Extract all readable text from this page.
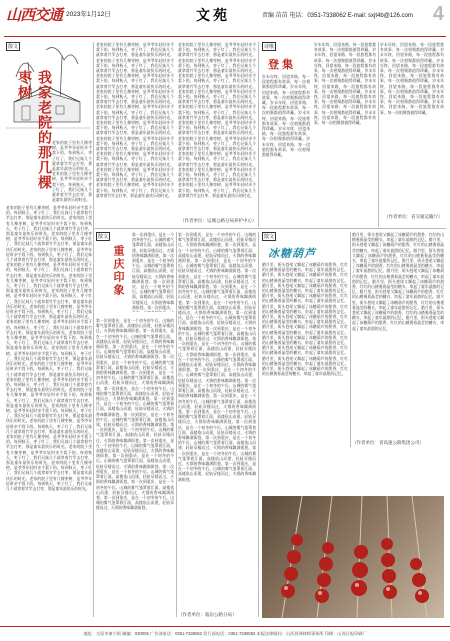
山西交通 2023年1月12日	文苑	责编 苗苗 电话：0351-7338062 E-mail: sxjt4b@126.com 4
散文
我家老院的那几棵枣树
老家的院子里有几棵枣树，是爷爷年轻时亲手栽下的。每到秋天，枣子红了，我们兄妹几个就拿着竹竿去打枣，那是童年最快乐的时光。老家的院子里有几棵枣树，是爷爷年轻时亲手栽下的。每到秋天，枣子红了，我们兄妹几个就拿着竹竿去打枣，那是童年最快乐的时光。
老家的院子里有几棵枣树，是爷爷年轻时亲手栽下的。每到秋天，枣子红了，我们兄妹几个就拿着竹竿去打枣，那是童年最快乐的时光。老家的院子里有几棵枣树，是爷爷年轻时亲手栽下的。每到秋天，枣子红了，我们兄妹几个就拿着竹竿去打枣，那是童年最快乐的时光。老家的院子里有几棵枣树，是爷爷年轻时亲手栽下的。每到秋天，枣子红了，我们兄妹几个就拿着竹竿去打枣，那是童年最快乐的时光。老家的院子里有几棵枣树，是爷爷年轻时亲手栽下的。每到秋天，枣子红了，我们兄妹几个就拿着竹竿去打枣，那是童年最快乐的时光。老家的院子里有几棵枣树，是爷爷年轻时亲手栽下的。每到秋天，枣子红了，我们兄妹几个就拿着竹竿去打枣，那是童年最快乐的时光。老家的院子里有几棵枣树，是爷爷年轻时亲手栽下的。每到秋天，枣子红了，我们兄妹几个就拿着竹竿去打枣，那是童年最快乐的时光。老家的院子里有几棵枣树，是爷爷年轻时亲手栽下的。每到秋天，枣子红了，我们兄妹几个就拿着竹竿去打枣，那是童年最快乐的时光。老家的院子里有几棵枣树，是爷爷年轻时亲手栽下的。每到秋天，枣子红了，我们兄妹几个就拿着竹竿去打枣，那是童年最快乐的时光。老家的院子里有几棵枣树，是爷爷年轻时亲手栽下的。每到秋天，枣子红了，我们兄妹几个就拿着竹竿去打枣，那是童年最快乐的时光。老家的院子里有几棵枣树，是爷爷年轻时亲手栽下的。每到秋天，枣子红了，我们兄妹几个就拿着竹竿去打枣，那是童年最快乐的时光。老家的院子里有几棵枣树，是爷爷年轻时亲手栽下的。每到秋天，枣子红了，我们兄妹几个就拿着竹竿去打枣，那是童年最快乐的时光。老家的院子里有几棵枣树，是爷爷年轻时亲手栽下的。每到秋天，枣子红了，我们兄妹几个就拿着竹竿去打枣，那是童年最快乐的时光。老家的院子里有几棵枣树，是爷爷年轻时亲手栽下的。每到秋天，枣子红了，我们兄妹几个就拿着竹竿去打枣，那是童年最快乐的时光。老家的院子里有几棵枣树，是爷爷年轻时亲手栽下的。每到秋天，枣子红了，我们兄妹几个就拿着竹竿去打枣，那是童年最快乐的时光。老家的院子里有几棵枣树，是爷爷年轻时亲手栽下的。每到秋天，枣子红了，我们兄妹几个就拿着竹竿去打枣，那是童年最快乐的时光。老家的院子里有几棵枣树，是爷爷年轻时亲手栽下的。每到秋天，枣子红了，我们兄妹几个就拿着竹竿去打枣，那是童年最快乐的时光。老家的院子里有几棵枣树，是爷爷年轻时亲手栽下的。每到秋天，枣子红了，我们兄妹几个就拿着竹竿去打枣，那是童年最快乐的时光。老家的院子里有几棵枣树，是爷爷年轻时亲手栽下的。每到秋天，枣子红了，我们兄妹几个就拿着竹竿去打枣，那是童年最快乐的时光。老家的院子里有几棵枣树，是爷爷年轻时亲手栽下的。每到秋天，枣子红了，我们兄妹几个就拿着竹竿去打枣，那是童年最快乐的时光。老家的院子里有几棵枣树，是爷爷年轻时亲手栽下的。每到秋天，枣子红了，我们兄妹几个就拿着竹竿去打枣，那是童年最快乐的时光。
老家的院子里有几棵枣树，是爷爷年轻时亲手栽下的。每到秋天，枣子红了，我们兄妹几个就拿着竹竿去打枣，那是童年最快乐的时光。老家的院子里有几棵枣树，是爷爷年轻时亲手栽下的。每到秋天，枣子红了，我们兄妹几个就拿着竹竿去打枣，那是童年最快乐的时光。老家的院子里有几棵枣树，是爷爷年轻时亲手栽下的。每到秋天，枣子红了，我们兄妹几个就拿着竹竿去打枣，那是童年最快乐的时光。老家的院子里有几棵枣树，是爷爷年轻时亲手栽下的。每到秋天，枣子红了，我们兄妹几个就拿着竹竿去打枣，那是童年最快乐的时光。老家的院子里有几棵枣树，是爷爷年轻时亲手栽下的。每到秋天，枣子红了，我们兄妹几个就拿着竹竿去打枣，那是童年最快乐的时光。老家的院子里有几棵枣树，是爷爷年轻时亲手栽下的。每到秋天，枣子红了，我们兄妹几个就拿着竹竿去打枣，那是童年最快乐的时光。老家的院子里有几棵枣树，是爷爷年轻时亲手栽下的。每到秋天，枣子红了，我们兄妹几个就拿着竹竿去打枣，那是童年最快乐的时光。老家的院子里有几棵枣树，是爷爷年轻时亲手栽下的。每到秋天，枣子红了，我们兄妹几个就拿着竹竿去打枣，那是童年最快乐的时光。老家的院子里有几棵枣树，是爷爷年轻时亲手栽下的。每到秋天，枣子红了，我们兄妹几个就拿着竹竿去打枣，那是童年最快乐的时光。老家的院子里有几棵枣树，是爷爷年轻时亲手栽下的。每到秋天，枣子红了，我们兄妹几个就拿着竹竿去打枣，那是童年最快乐的时光。
老家的院子里有几棵枣树，是爷爷年轻时亲手栽下的。每到秋天，枣子红了，我们兄妹几个就拿着竹竿去打枣，那是童年最快乐的时光。老家的院子里有几棵枣树，是爷爷年轻时亲手栽下的。每到秋天，枣子红了，我们兄妹几个就拿着竹竿去打枣，那是童年最快乐的时光。老家的院子里有几棵枣树，是爷爷年轻时亲手栽下的。每到秋天，枣子红了，我们兄妹几个就拿着竹竿去打枣，那是童年最快乐的时光。老家的院子里有几棵枣树，是爷爷年轻时亲手栽下的。每到秋天，枣子红了，我们兄妹几个就拿着竹竿去打枣，那是童年最快乐的时光。老家的院子里有几棵枣树，是爷爷年轻时亲手栽下的。每到秋天，枣子红了，我们兄妹几个就拿着竹竿去打枣，那是童年最快乐的时光。老家的院子里有几棵枣树，是爷爷年轻时亲手栽下的。每到秋天，枣子红了，我们兄妹几个就拿着竹竿去打枣，那是童年最快乐的时光。老家的院子里有几棵枣树，是爷爷年轻时亲手栽下的。每到秋天，枣子红了，我们兄妹几个就拿着竹竿去打枣，那是童年最快乐的时光。老家的院子里有几棵枣树，是爷爷年轻时亲手栽下的。每到秋天，枣子红了，我们兄妹几个就拿着竹竿去打枣，那是童年最快乐的时光。老家的院子里有几棵枣树，是爷爷年轻时亲手栽下的。每到秋天，枣子红了，我们兄妹几个就拿着竹竿去打枣，那是童年最快乐的时光。老家的院子里有几棵枣树，是爷爷年轻时亲手栽下的。每到秋天，枣子红了，我们兄妹几个就拿着竹竿去打枣，那是童年最快乐的时光。
（作者单位：运城公路分局养护中心）
诗歌
登集
岁末年终，回望来路，每一段旅程都有故事，每一次相聚都值得珍藏。岁末年终，回望来路，每一段旅程都有故事，每一次相聚都值得珍藏。岁末年终，回望来路，每一段旅程都有故事，每一次相聚都值得珍藏。岁末年终，回望来路，每一段旅程都有故事，每一次相聚都值得珍藏。岁末年终，回望来路，每一段旅程都有故事，每一次相聚都值得珍藏。岁末年终，回望来路，每一段旅程都有故事，每一次相聚都值得珍藏。
岁末年终，回望来路，每一段旅程都有故事，每一次相聚都值得珍藏。岁末年终，回望来路，每一段旅程都有故事，每一次相聚都值得珍藏。岁末年终，回望来路，每一段旅程都有故事，每一次相聚都值得珍藏。岁末年终，回望来路，每一段旅程都有故事，每一次相聚都值得珍藏。岁末年终，回望来路，每一段旅程都有故事，每一次相聚都值得珍藏。岁末年终，回望来路，每一段旅程都有故事，每一次相聚都值得珍藏。岁末年终，回望来路，每一段旅程都有故事，每一次相聚都值得珍藏。岁末年终，回望来路，每一段旅程都有故事，每一次相聚都值得珍藏。
岁末年终，回望来路，每一段旅程都有故事，每一次相聚都值得珍藏。岁末年终，回望来路，每一段旅程都有故事，每一次相聚都值得珍藏。岁末年终，回望来路，每一段旅程都有故事，每一次相聚都值得珍藏。岁末年终，回望来路，每一段旅程都有故事，每一次相聚都值得珍藏。岁末年终，回望来路，每一段旅程都有故事，每一次相聚都值得珍藏。岁末年终，回望来路，每一段旅程都有故事，每一次相聚都值得珍藏。岁末年终，回望来路，每一段旅程都有故事，每一次相聚都值得珍藏。
（作者单位：省交通运输厅）
散文
重庆印象
第一次到重庆，是在一个初冬的午后。山城的雾气笼罩着江面，高楼依山而建，轻轨穿楼而过，火锅的香味飘满街巷。第一次到重庆，是在一个初冬的午后。山城的雾气笼罩着江面，高楼依山而建，轻轨穿楼而过，火锅的香味飘满街巷。第一次到重庆，是在一个初冬的午后。山城的雾气笼罩着江面，高楼依山而建，轻轨穿楼而过，火锅的香味飘满街巷。第一次到重庆，
第一次到重庆，是在一个初冬的午后。山城的雾气笼罩着江面，高楼依山而建，轻轨穿楼而过，火锅的香味飘满街巷。第一次到重庆，是在一个初冬的午后。山城的雾气笼罩着江面，高楼依山而建，轻轨穿楼而过，火锅的香味飘满街巷。第一次到重庆，是在一个初冬的午后。山城的雾气笼罩着江面，高楼依山而建，轻轨穿楼而过，火锅的香味飘满街巷。第一次到重庆，是在一个初冬的午后。山城的雾气笼罩着江面，高楼依山而建，轻轨穿楼而过，火锅的香味飘满街巷。第一次到重庆，是在一个初冬的午后。山城的雾气笼罩着江面，高楼依山而建，轻轨穿楼而过，火锅的香味飘满街巷。第一次到重庆，是在一个初冬的午后。山城的雾气笼罩着江面，高楼依山而建，轻轨穿楼而过，火锅的香味飘满街巷。第一次到重庆，是在一个初冬的午后。山城的雾气笼罩着江面，高楼依山而建，轻轨穿楼而过，火锅的香味飘满街巷。第一次到重庆，是在一个初冬的午后。山城的雾气笼罩着江面，高楼依山而建，轻轨穿楼而过，火锅的香味飘满街巷。第一次到重庆，是在一个初冬的午后。山城的雾气笼罩着江面，高楼依山而建，轻轨穿楼而过，火锅的香味飘满街巷。第一次到重庆，是在一个初冬的午后。山城的雾气笼罩着江面，高楼依山而建，轻轨穿楼而过，火锅的香味飘满街巷。第一次到重庆，是在一个初冬的午后。山城的雾气笼罩着江面，高楼依山而建，轻轨穿楼而过，火锅的香味飘满街巷。第一次到重庆，是在一个初冬的午后。山城的雾气笼罩着江面，高楼依山而建，轻轨穿楼而过，火锅的香味飘满街巷。第一次到重庆，是在一个初冬的午后。山城的雾气笼罩着江面，高楼依山而建，轻轨穿楼而过，火锅的香味飘满街巷。第一次到重庆，是在一个初冬的午后。山城的雾气笼罩着江面，高楼依山而建，轻轨穿楼而过，火锅的香味飘满街巷。
第一次到重庆，是在一个初冬的午后。山城的雾气笼罩着江面，高楼依山而建，轻轨穿楼而过，火锅的香味飘满街巷。第一次到重庆，是在一个初冬的午后。山城的雾气笼罩着江面，高楼依山而建，轻轨穿楼而过，火锅的香味飘满街巷。第一次到重庆，是在一个初冬的午后。山城的雾气笼罩着江面，高楼依山而建，轻轨穿楼而过，火锅的香味飘满街巷。第一次到重庆，是在一个初冬的午后。山城的雾气笼罩着江面，高楼依山而建，轻轨穿楼而过，火锅的香味飘满街巷。第一次到重庆，是在一个初冬的午后。山城的雾气笼罩着江面，高楼依山而建，轻轨穿楼而过，火锅的香味飘满街巷。第一次到重庆，是在一个初冬的午后。山城的雾气笼罩着江面，高楼依山而建，轻轨穿楼而过，火锅的香味飘满街巷。第一次到重庆，是在一个初冬的午后。山城的雾气笼罩着江面，高楼依山而建，轻轨穿楼而过，火锅的香味飘满街巷。第一次到重庆，是在一个初冬的午后。山城的雾气笼罩着江面，高楼依山而建，轻轨穿楼而过，火锅的香味飘满街巷。第一次到重庆，是在一个初冬的午后。山城的雾气笼罩着江面，高楼依山而建，轻轨穿楼而过，火锅的香味飘满街巷。第一次到重庆，是在一个初冬的午后。山城的雾气笼罩着江面，高楼依山而建，轻轨穿楼而过，火锅的香味飘满街巷。第一次到重庆，是在一个初冬的午后。山城的雾气笼罩着江面，高楼依山而建，轻轨穿楼而过，火锅的香味飘满街巷。第一次到重庆，是在一个初冬的午后。山城的雾气笼罩着江面，高楼依山而建，轻轨穿楼而过，火锅的香味飘满街巷。第一次到重庆，是在一个初冬的午后。山城的雾气笼罩着江面，高楼依山而建，轻轨穿楼而过，火锅的香味飘满街巷。第一次到重庆，是在一个初冬的午后。山城的雾气笼罩着江面，高楼依山而建，轻轨穿楼而过，火锅的香味飘满街巷。第一次到重庆，是在一个初冬的午后。山城的雾气笼罩着江面，高楼依山而建，轻轨穿楼而过，火锅的香味飘满街巷。第一次到重庆，是在一个初冬的午后。山城的雾气笼罩着江面，高楼依山而建，轻轨穿楼而过，火锅的香味飘满街巷。第一次到重庆，是在一个初冬的午后。山城的雾气笼罩着江面，高楼依山而建，轻轨穿楼而过，火锅的香味飘满街巷。第一次到重庆，是在一个初冬的午后。山城的雾气笼罩着江面，高楼依山而建，轻轨穿楼而过，火锅的香味飘满街巷。
（作者单位：临汾公路分局）
散文
冰糖葫芦
腊月里，街头巷尾又飘起了冰糖葫芦的甜香，红红的山楂裹着晶莹的糖衣，串起了童年最甜的记忆。腊月里，街头巷尾又飘起了冰糖葫芦的甜香，红红的山楂裹着晶莹的糖衣，串起了童年最甜的记忆。腊月里，街头巷尾又飘起了冰糖葫芦的甜香，红红的山楂裹着晶莹的糖衣，串起了童年最甜的记忆。腊月里，街头巷尾又飘起了冰糖葫芦的甜香，红红的山楂裹着晶莹的糖衣，串起了童年最甜的记忆。腊月里，街头巷尾又飘起了冰糖葫芦的甜香，红红的山楂裹着晶莹的糖衣，串起了童年最甜的记忆。腊月里，街头巷尾又飘起了冰糖葫芦的甜香，红红的山楂裹着晶莹的糖衣，串起了童年最甜的记忆。腊月里，街头巷尾又飘起了冰糖葫芦的甜香，红红的山楂裹着晶莹的糖衣，串起了童年最甜的记忆。腊月里，街头巷尾又飘起了冰糖葫芦的甜香，红红的山楂裹着晶莹的糖衣，串起了童年最甜的记忆。腊月里，街头巷尾又飘起了冰糖葫芦的甜香，红红的山楂裹着晶莹的糖衣，串起了童年最甜的记忆。腊月里，街头巷尾又飘起了冰糖葫芦的甜香，红红的山楂裹着晶莹的糖衣，串起了童年最甜的记忆。腊月里，街头巷尾又飘起了冰糖葫芦的甜香，红红的山楂裹着晶莹的糖衣，串起了童年最甜的记忆。
腊月里，街头巷尾又飘起了冰糖葫芦的甜香，红红的山楂裹着晶莹的糖衣，串起了童年最甜的记忆。腊月里，街头巷尾又飘起了冰糖葫芦的甜香，红红的山楂裹着晶莹的糖衣，串起了童年最甜的记忆。腊月里，街头巷尾又飘起了冰糖葫芦的甜香，红红的山楂裹着晶莹的糖衣，串起了童年最甜的记忆。腊月里，街头巷尾又飘起了冰糖葫芦的甜香，红红的山楂裹着晶莹的糖衣，串起了童年最甜的记忆。腊月里，街头巷尾又飘起了冰糖葫芦的甜香，红红的山楂裹着晶莹的糖衣，串起了童年最甜的记忆。腊月里，街头巷尾又飘起了冰糖葫芦的甜香，红红的山楂裹着晶莹的糖衣，串起了童年最甜的记忆。腊月里，街头巷尾又飘起了冰糖葫芦的甜香，红红的山楂裹着晶莹的糖衣，串起了童年最甜的记忆。腊月里，街头巷尾又飘起了冰糖葫芦的甜香，红红的山楂裹着晶莹的糖衣，串起了童年最甜的记忆。腊月里，街头巷尾又飘起了冰糖葫芦的甜香，红红的山楂裹着晶莹的糖衣，串起了童年最甜的记忆。腊月里，街头巷尾又飘起了冰糖葫芦的甜香，红红的山楂裹着晶莹的糖衣，串起了童年最甜的记忆。
（作者单位：省高速公路集团公司）
地址：太原市康宁街 邮编：030006 广告部电话：0351-7338062 发行部电话：0351-7338063 本报法律顾问：山西晋洲律师事务所 印刷：山西日报印刷厂
